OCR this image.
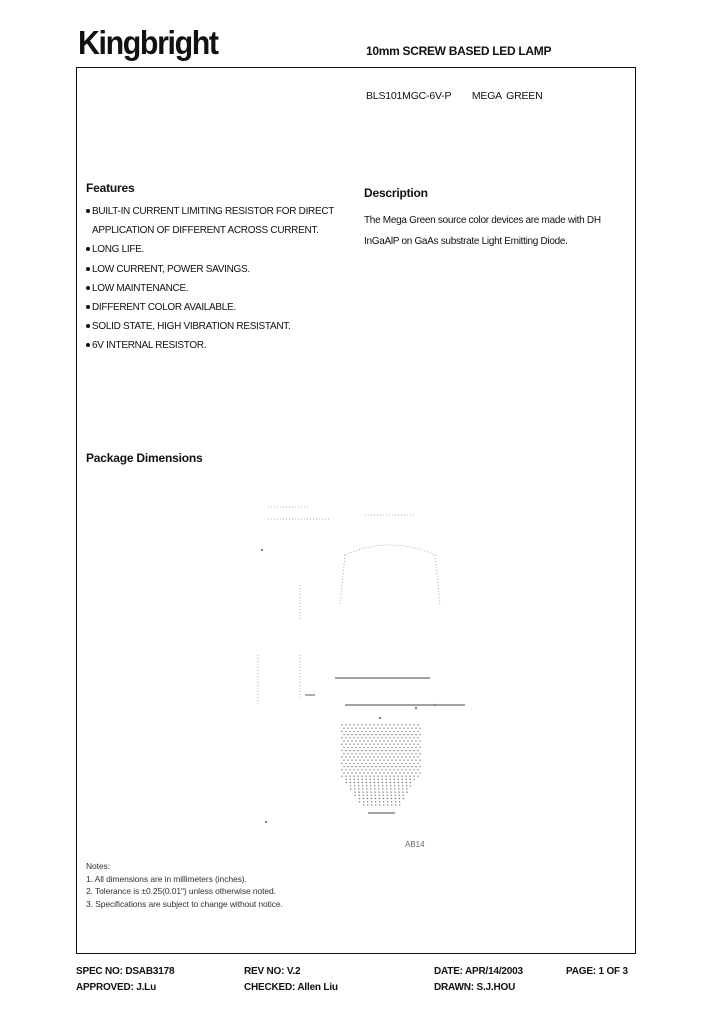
Kingbright	10mm SCREW BASED LED LAMP
BLS101MGC-6V-P MEGA GREEN
Features
BUILT-IN CURRENT LIMITING RESISTOR FOR DIRECT
APPLICATION OF DIFFERENT ACROSS CURRENT.
LONG LIFE.
LOW CURRENT, POWER SAVINGS.
LOW MAINTENANCE.
DIFFERENT COLOR AVAILABLE.
SOLID STATE, HIGH VIBRATION RESISTANT.
6V INTERNAL RESISTOR.
Description
The Mega Green source color devices are made with DH InGaAlP on GaAs substrate Light Emitting Diode.
Package Dimensions
AB14
Notes:
1. All dimensions are in millimeters (inches).
2. Tolerance is ±0.25(0.01") unless otherwise noted.
3. Specifications are subject to change without notice.
SPEC NO: DSAB3178	REV NO: V.2	DATE: APR/14/2003	PAGE: 1 OF 3
APPROVED: J.Lu	CHECKED: Allen Liu	DRAWN: S.J.HOU
